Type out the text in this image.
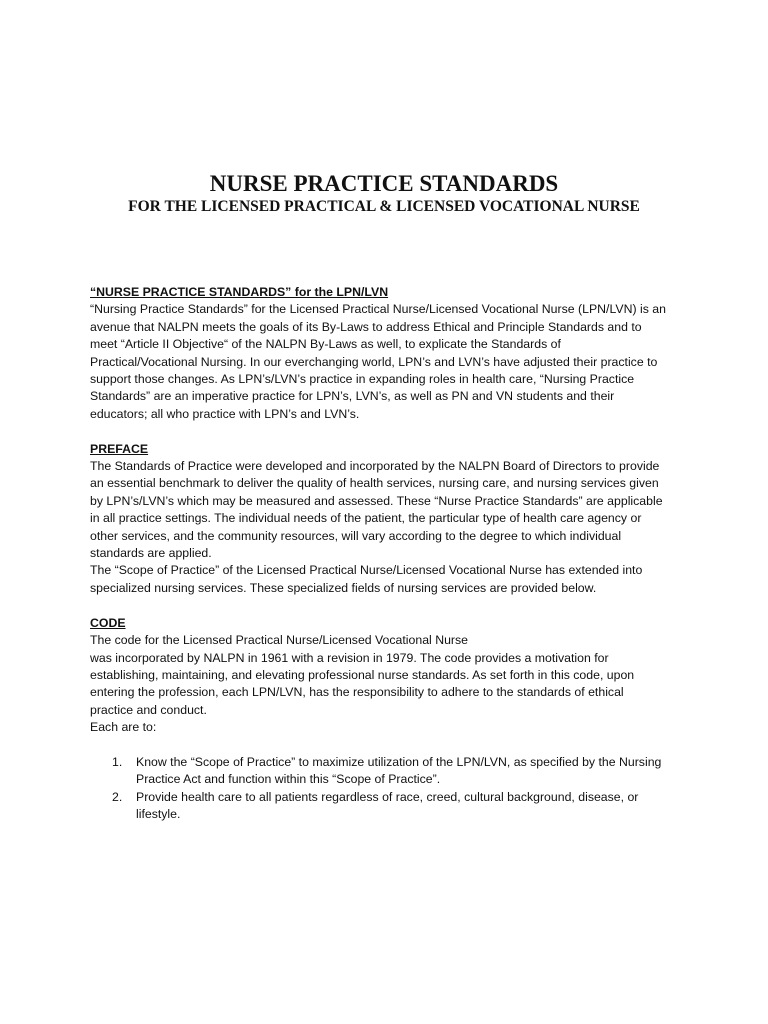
NURSE PRACTICE STANDARDS
FOR THE LICENSED PRACTICAL & LICENSED VOCATIONAL NURSE
“NURSE PRACTICE STANDARDS” for the LPN/LVN
“Nursing Practice Standards” for the Licensed Practical Nurse/Licensed Vocational Nurse (LPN/LVN) is an
avenue that NALPN meets the goals of its By-Laws to address Ethical and Principle Standards and to
meet “Article II Objective“ of the NALPN By-Laws as well, to explicate the Standards of
Practical/Vocational Nursing. In our everchanging world, LPN’s and LVN’s have adjusted their practice to
support those changes. As LPN’s/LVN’s practice in expanding roles in health care, “Nursing Practice
Standards” are an imperative practice for LPN’s, LVN’s, as well as PN and VN students and their
educators; all who practice with LPN’s and LVN’s.
PREFACE
The Standards of Practice were developed and incorporated by the NALPN Board of Directors to provide
an essential benchmark to deliver the quality of health services, nursing care, and nursing services given
by LPN’s/LVN’s which may be measured and assessed. These “Nurse Practice Standards” are applicable
in all practice settings. The individual needs of the patient, the particular type of health care agency or
other services, and the community resources, will vary according to the degree to which individual
standards are applied.
The “Scope of Practice” of the Licensed Practical Nurse/Licensed Vocational Nurse has extended into
specialized nursing services. These specialized fields of nursing services are provided below.
CODE
The code for the Licensed Practical Nurse/Licensed Vocational Nurse
was incorporated by NALPN in 1961 with a revision in 1979. The code provides a motivation for
establishing, maintaining, and elevating professional nurse standards. As set forth in this code, upon
entering the profession, each LPN/LVN, has the responsibility to adhere to the standards of ethical
practice and conduct.
Each are to:
1. Know the “Scope of Practice” to maximize utilization of the LPN/LVN, as specified by the Nursing
Practice Act and function within this “Scope of Practice”.
2. Provide health care to all patients regardless of race, creed, cultural background, disease, or
lifestyle.
